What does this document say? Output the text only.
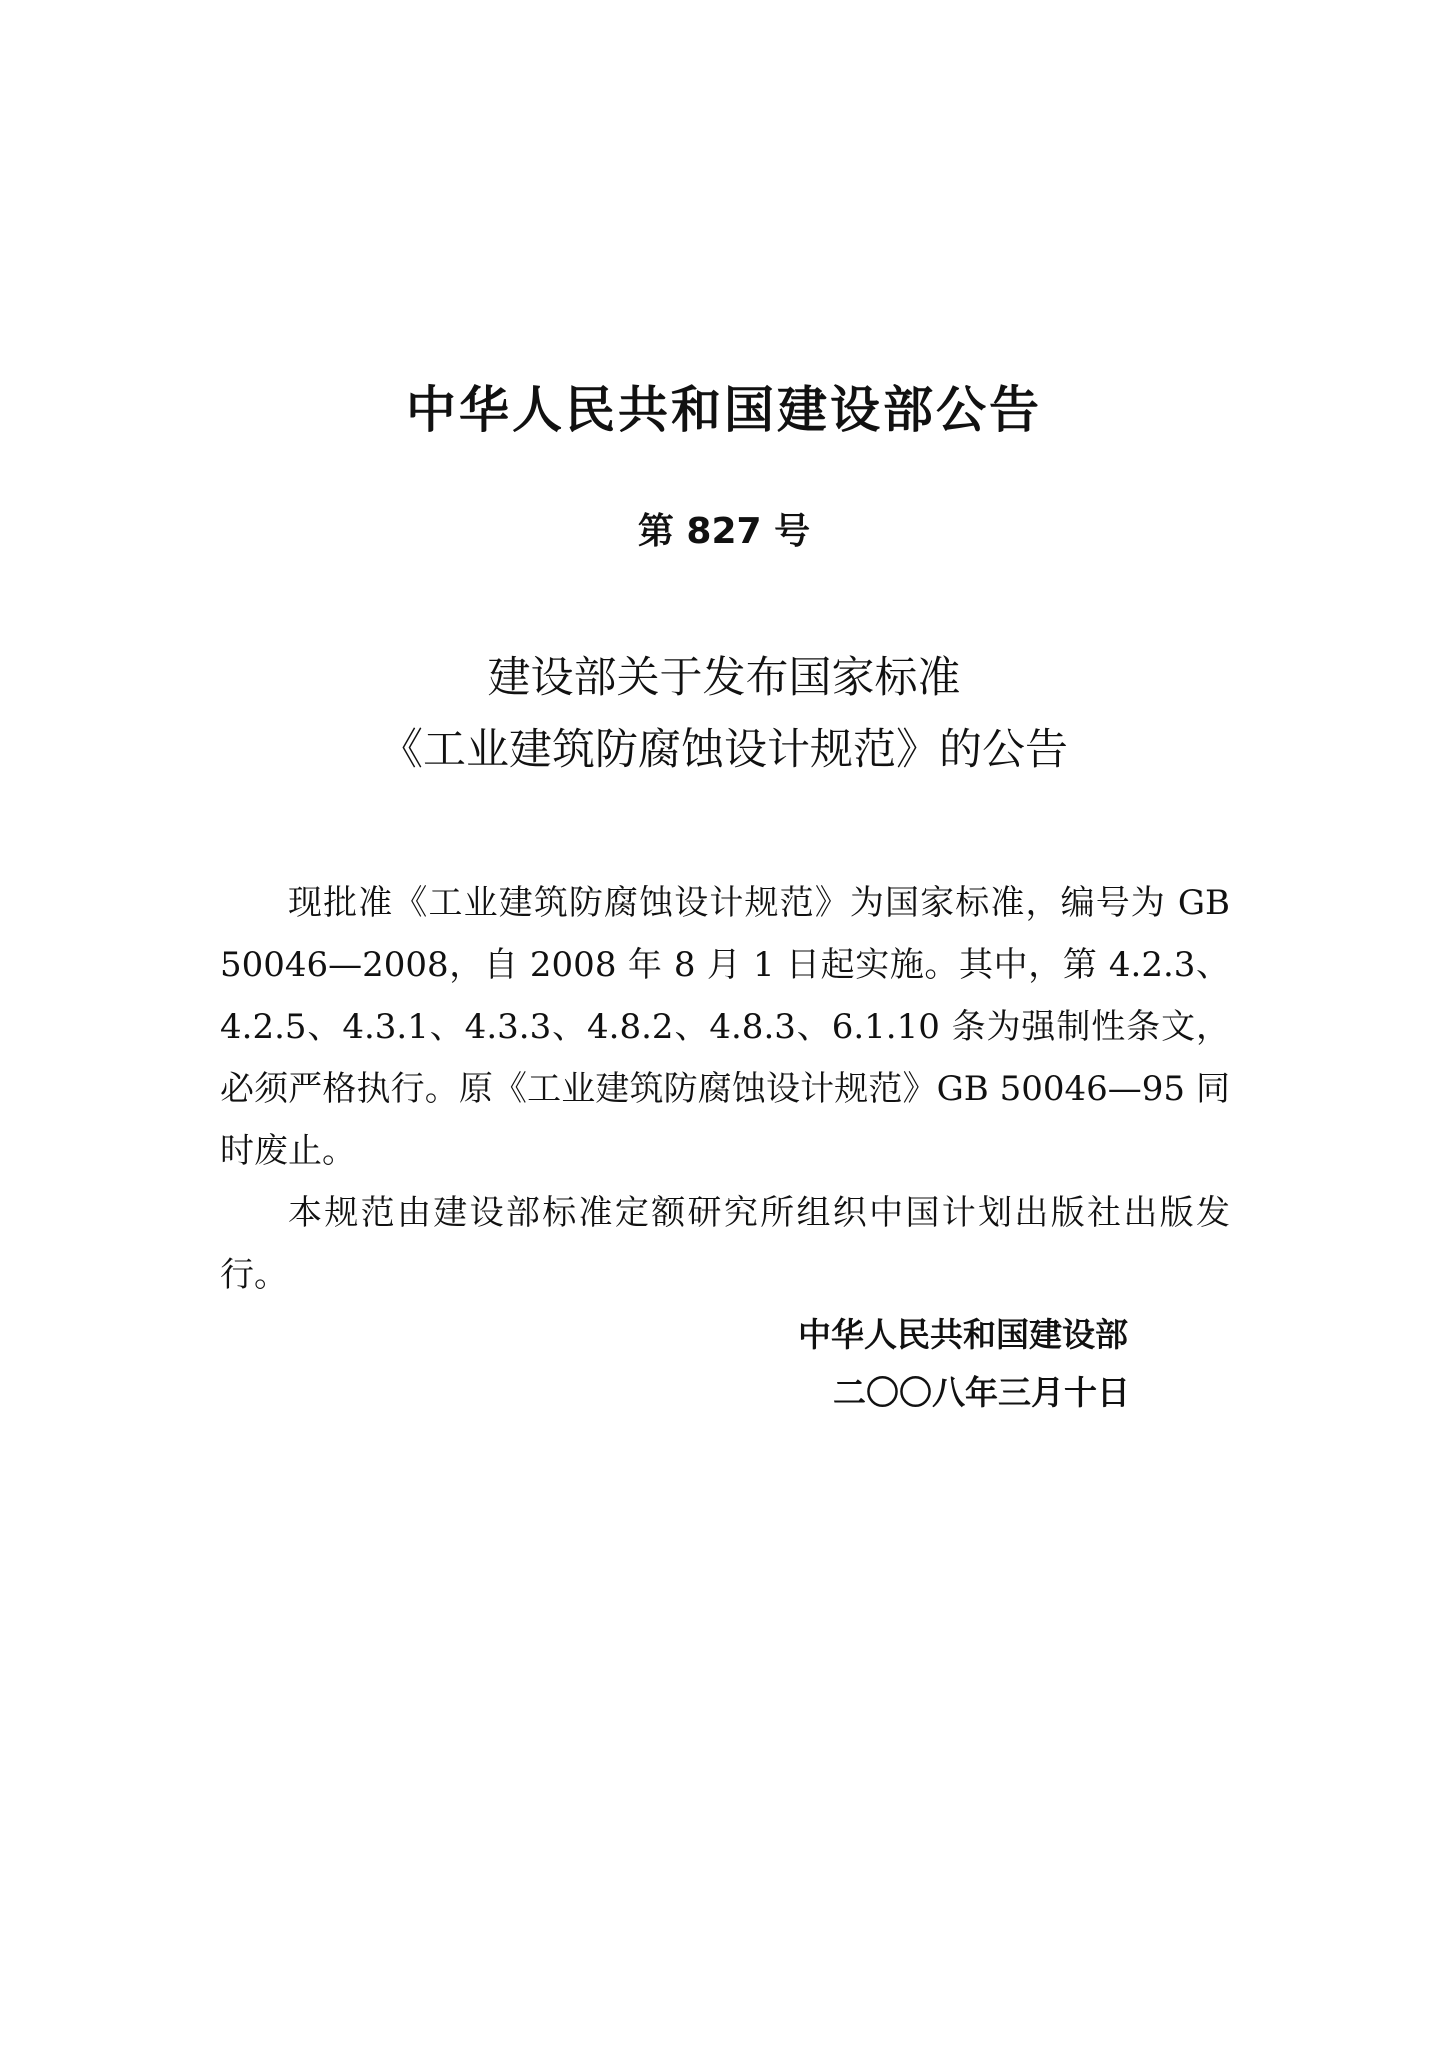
中华人民共和国建设部公告
第 827 号
建设部关于发布国家标准
《工业建筑防腐蚀设计规范》的公告

现批准《工业建筑防腐蚀设计规范》为国家标准，编号为 GB 50046—2008，自 2008 年 8 月 1 日起实施。其中，第 4.2.3、4.2.5、4.3.1、4.3.3、4.8.2、4.8.3、6.1.10 条为强制性条文，必须严格执行。原《工业建筑防腐蚀设计规范》GB 50046—95 同时废止。

本规范由建设部标准定额研究所组织中国计划出版社出版发行。

中华人民共和国建设部
二〇〇八年三月十日
